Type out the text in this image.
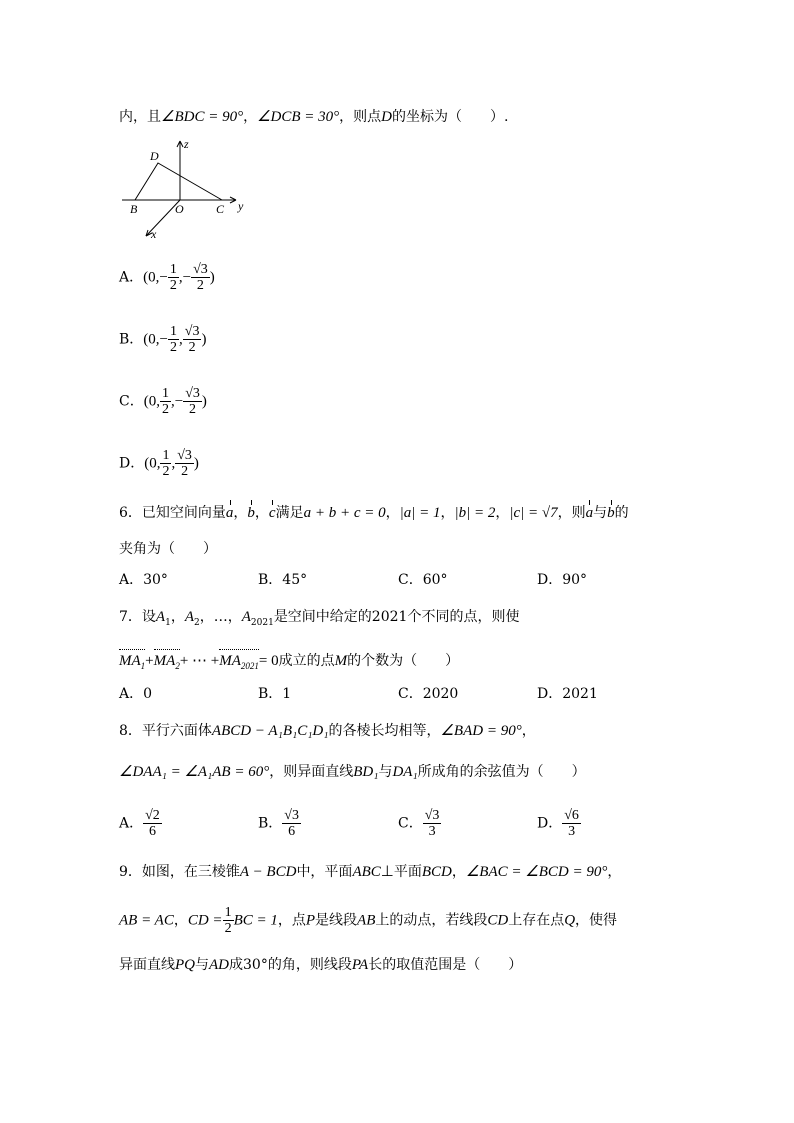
内，且∠BDC = 90°，∠DCB = 30°，则点D的坐标为（　　）.
z
D
B	O	C y
x
A．($0,- \frac{1}{2}$ ,− $\frac{√3}{2}$ )
B．($0,- \frac{1}{2}$ , $\frac{√3}{2}$ )
C．(0, $\frac{1}{2}$ ,− $\frac{√3}{2}$ )
D．(0, $\frac{1}{2}$ , $\frac{√3}{2}$ )
6．已知空间向量a，b，c满足a + b + c = 0，|a| = 1，|b| = 2，|c| = √7，则a与b的
夹角为（　　）
A．30°	B．45°	C．60°	D．90°
7．设$A_1$，$A_2$，…，$A_{2021}$是空间中给定的2021个不同的点，则使
$MA_1+MA_2+$ ⋯ $+MA_{2021}= 0$成立的点M的个数为（　　）
A．0	B．1	C．2020	D．2021
8．平行六面体ABCD − A₁B₁C₁D₁的各棱长均相等，∠BAD = 90°，
∠DAA₁ = ∠A₁AB = 60°，则异面直线BD₁与DA₁所成角的余弦值为（　　）
A． $\frac{√2}{6}$	B． $\frac{√3}{6}$	C． $\frac{√3}{3}$	D． $\frac{√6}{3}$
9．如图，在三棱锥A − BCD中，平面ABC⊥平面BCD，∠BAC = ∠BCD = 90°，
AB = AC，CD = $\frac{1}{2}$ BC = 1，点P是线段AB上的动点，若线段CD上存在点Q，使得
异面直线PQ与AD成30°的角，则线段PA长的取值范围是（　　）
